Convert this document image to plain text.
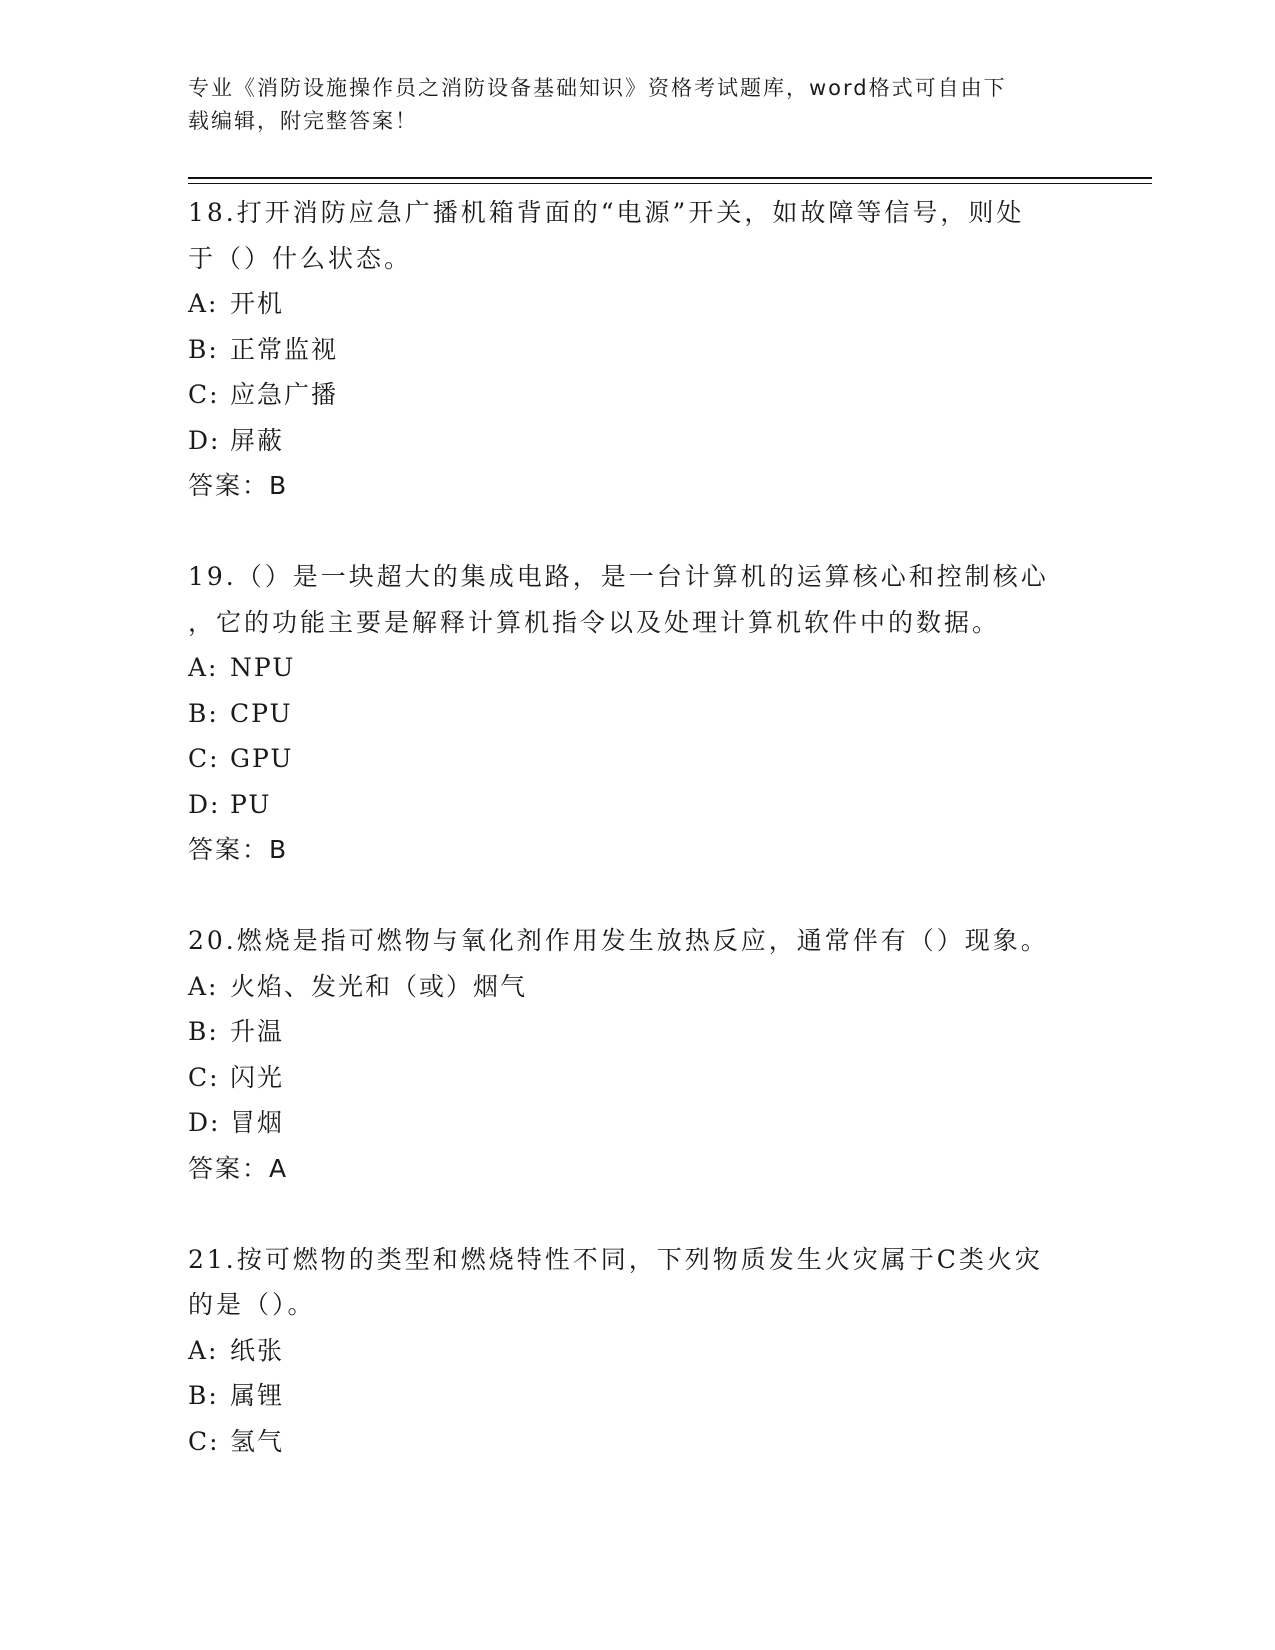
专业《消防设施操作员之消防设备基础知识》资格考试题库，word格式可自由下
载编辑，附完整答案！
18.打开消防应急广播机箱背面的“电源”开关，如故障等信号，则处
于（）什么状态。
A: 开机
B: 正常监视
C: 应急广播
D: 屏蔽
答案：B
19.（）是一块超大的集成电路，是一台计算机的运算核心和控制核心
，它的功能主要是解释计算机指令以及处理计算机软件中的数据。
A: NPU
B: CPU
C: GPU
D: PU
答案：B
20.燃烧是指可燃物与氧化剂作用发生放热反应，通常伴有（）现象。
A: 火焰、发光和（或）烟气
B: 升温
C: 闪光
D: 冒烟
答案：A
21.按可燃物的类型和燃烧特性不同，下列物质发生火灾属于C类火灾
的是（）。
A: 纸张
B: 属锂
C: 氢气
